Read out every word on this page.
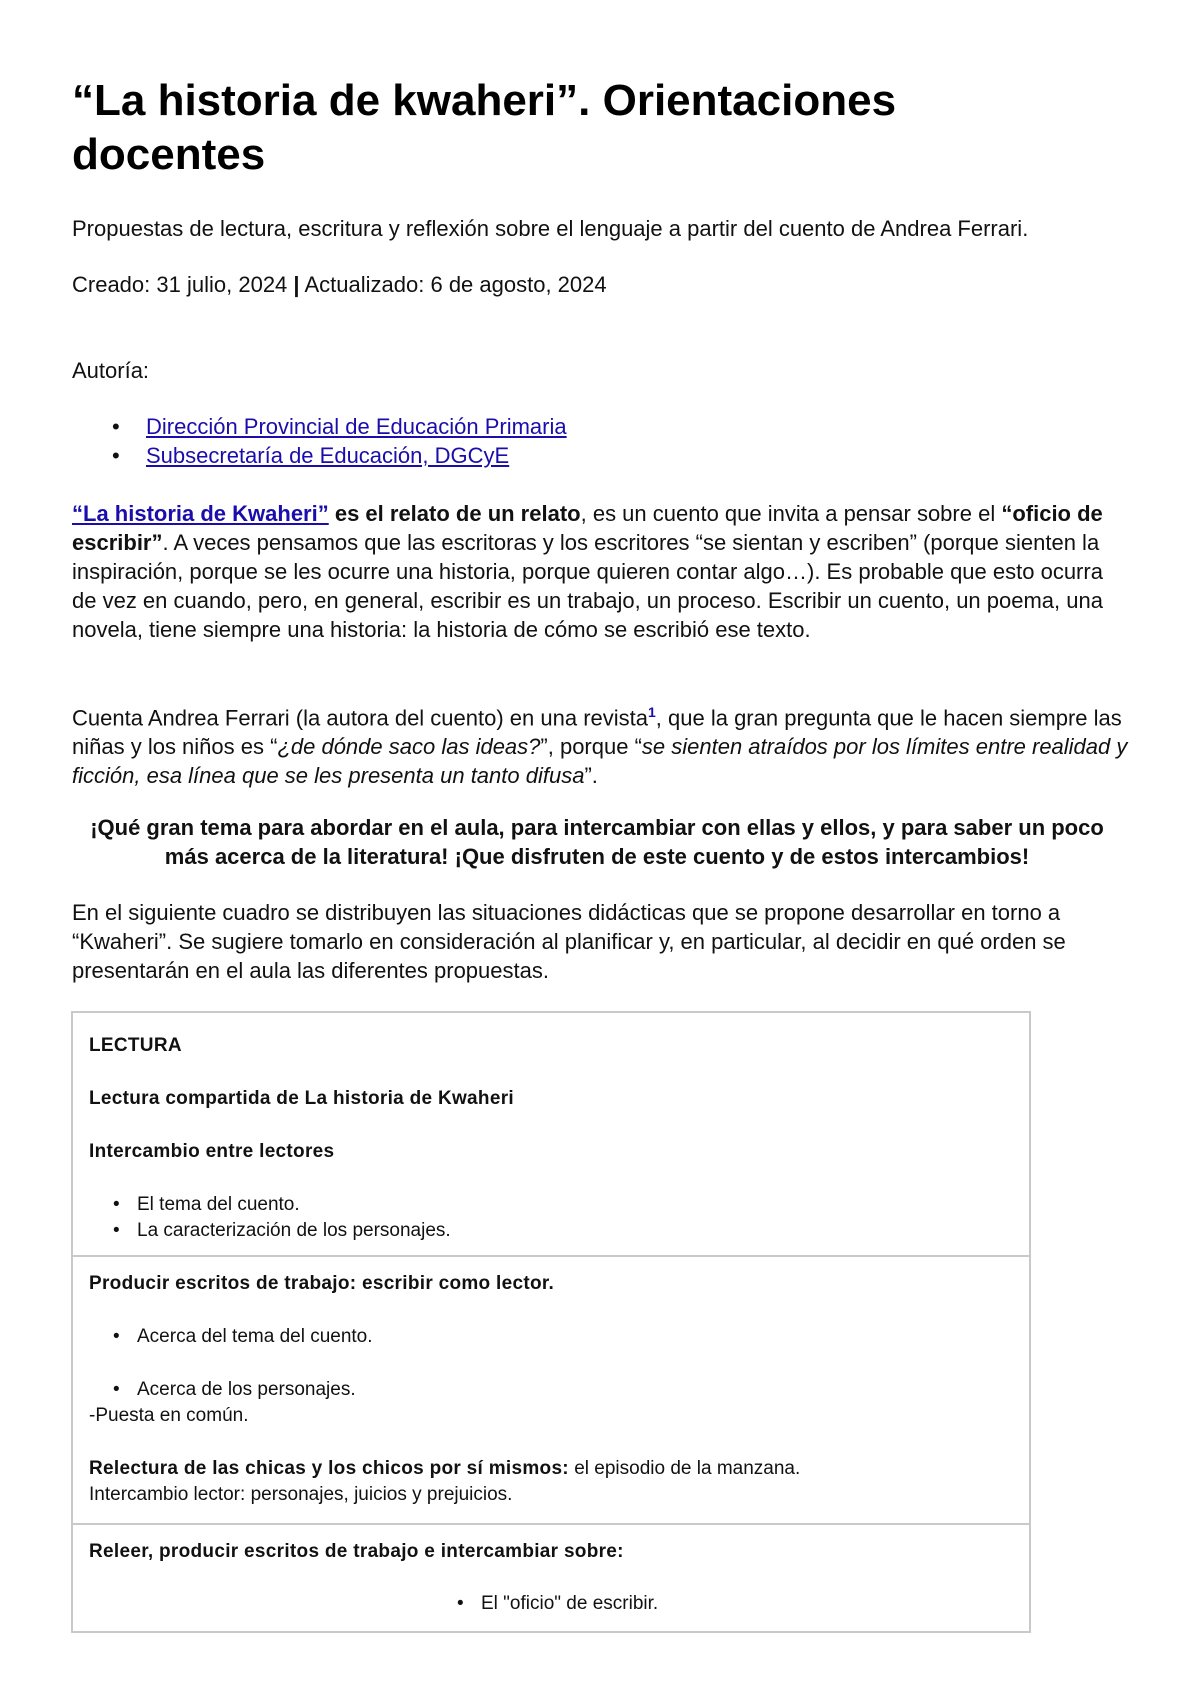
“La historia de kwaheri”. Orientaciones docentes

Propuestas de lectura, escritura y reflexión sobre el lenguaje a partir del cuento de Andrea Ferrari.

Creado: 31 julio, 2024 | Actualizado: 6 de agosto, 2024

Autoría:

• Dirección Provincial de Educación Primaria
• Subsecretaría de Educación, DGCyE

“La historia de Kwaheri” es el relato de un relato, es un cuento que invita a pensar sobre el “oficio de escribir”. A veces pensamos que las escritoras y los escritores “se sientan y escriben” (porque sienten la inspiración, porque se les ocurre una historia, porque quieren contar algo…). Es probable que esto ocurra de vez en cuando, pero, en general, escribir es un trabajo, un proceso. Escribir un cuento, un poema, una novela, tiene siempre una historia: la historia de cómo se escribió ese texto.

Cuenta Andrea Ferrari (la autora del cuento) en una revista$^1$, que la gran pregunta que le hacen siempre las niñas y los niños es “¿de dónde saco las ideas?”, porque “se sienten atraídos por los límites entre realidad y ficción, esa línea que se les presenta un tanto difusa”.

¡Qué gran tema para abordar en el aula, para intercambiar con ellas y ellos, y para saber un poco más acerca de la literatura! ¡Que disfruten de este cuento y de estos intercambios!

En el siguiente cuadro se distribuyen las situaciones didácticas que se propone desarrollar en torno a “Kwaheri”. Se sugiere tomarlo en consideración al planificar y, en particular, al decidir en qué orden se presentarán en el aula las diferentes propuestas.

LECTURA
Lectura compartida de La historia de Kwaheri
Intercambio entre lectores
• El tema del cuento.
• La caracterización de los personajes.
Producir escritos de trabajo: escribir como lector.
• Acerca del tema del cuento.
• Acerca de los personajes.
-Puesta en común.
Relectura de las chicas y los chicos por sí mismos: el episodio de la manzana.
Intercambio lector: personajes, juicios y prejuicios.
Releer, producir escritos de trabajo e intercambiar sobre:
• El "oficio" de escribir.
